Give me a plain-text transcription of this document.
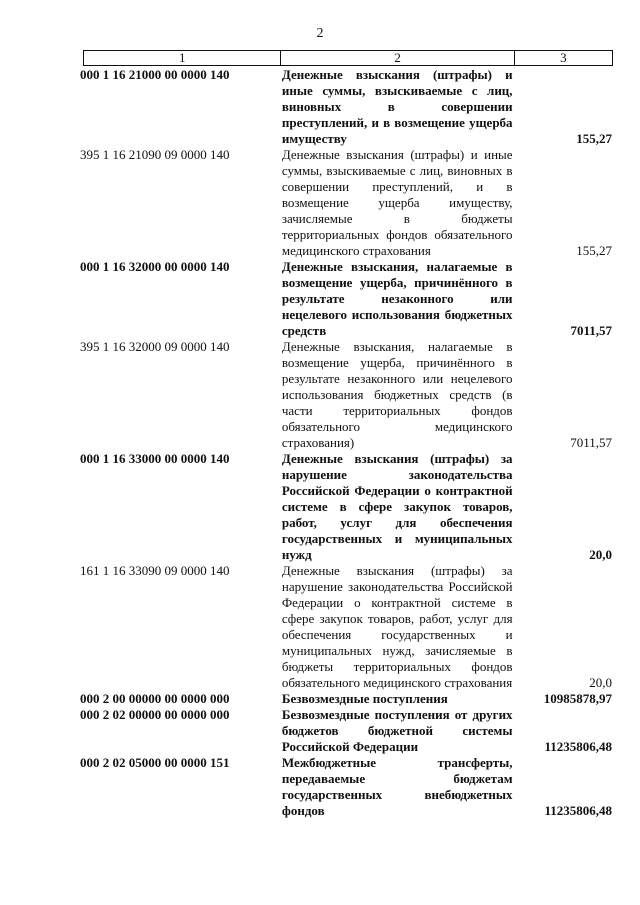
2
1	2	3
000 1 16 21000 00 0000 140	Денежные взыскания (штрафы) и иные суммы, взыскиваемые с лиц, виновных в совершении преступлений, и в возмещение ущерба имуществу	155,27
395 1 16 21090 09 0000 140	Денежные взыскания (штрафы) и иные суммы, взыскиваемые с лиц, виновных в совершении преступлений, и в возмещение ущерба имуществу, зачисляемые в бюджеты территориальных фондов обязательного медицинского страхования	155,27
000 1 16 32000 00 0000 140	Денежные взыскания, налагаемые в возмещение ущерба, причинённого в результате незаконного или нецелевого использования бюджетных средств	7011,57
395 1 16 32000 09 0000 140	Денежные взыскания, налагаемые в возмещение ущерба, причинённого в результате незаконного или нецелевого использования бюджетных средств (в части территориальных фондов обязательного медицинского страхования)	7011,57
000 1 16 33000 00 0000 140	Денежные взыскания (штрафы) за нарушение законодательства Российской Федерации о контрактной системе в сфере закупок товаров, работ, услуг для обеспечения государственных и муниципальных нужд	20,0
161 1 16 33090 09 0000 140	Денежные взыскания (штрафы) за нарушение законодательства Российской Федерации о контрактной системе в сфере закупок товаров, работ, услуг для обеспечения государственных и муниципальных нужд, зачисляемые в бюджеты территориальных фондов обязательного медицинского страхования	20,0
000 2 00 00000 00 0000 000	Безвозмездные поступления	10985878,97
000 2 02 00000 00 0000 000	Безвозмездные поступления от других бюджетов бюджетной системы Российской Федерации	11235806,48
000 2 02 05000 00 0000 151	Межбюджетные трансферты, передаваемые бюджетам государственных внебюджетных фондов	11235806,48
